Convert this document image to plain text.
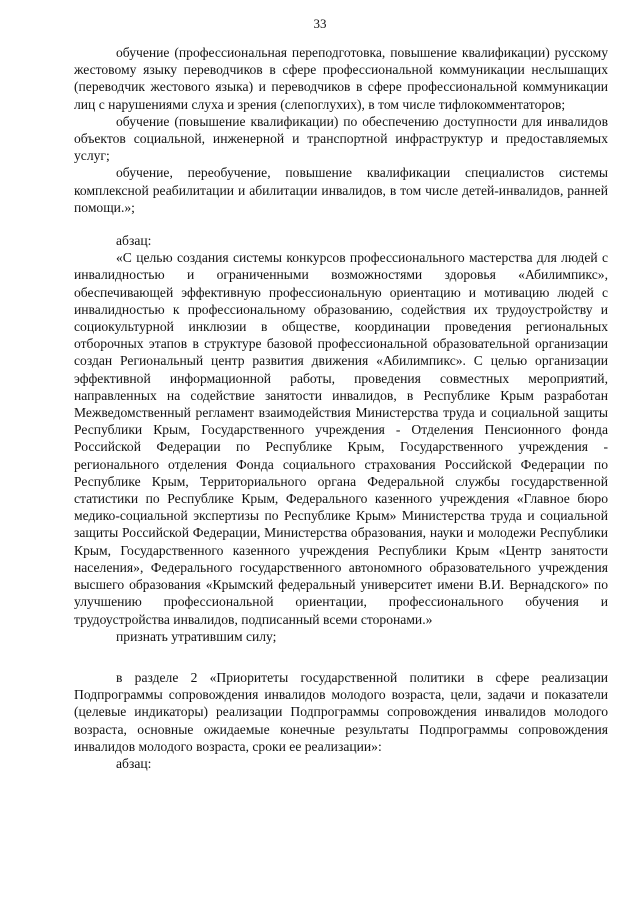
33

обучение (профессиональная переподготовка, повышение квалификации) русскому жестовому языку переводчиков в сфере профессиональной коммуникации неслышащих (переводчик жестового языка) и переводчиков в сфере профессиональной коммуникации лиц с нарушениями слуха и зрения (слепоглухих), в том числе тифлокомментаторов;

обучение (повышение квалификации) по обеспечению доступности для инвалидов объектов социальной, инженерной и транспортной инфраструктур и предоставляемых услуг;

обучение, переобучение, повышение квалификации специалистов системы комплексной реабилитации и абилитации инвалидов, в том числе детей-инвалидов, ранней помощи.»;

абзац:

«С целью создания системы конкурсов профессионального мастерства для людей с инвалидностью и ограниченными возможностями здоровья «Абилимпикс», обеспечивающей эффективную профессиональную ориентацию и мотивацию людей с инвалидностью к профессиональному образованию, содействия их трудоустройству и социокультурной инклюзии в обществе, координации проведения региональных отборочных этапов в структуре базовой профессиональной образовательной организации создан Региональный центр развития движения «Абилимпикс». С целью организации эффективной информационной работы, проведения совместных мероприятий, направленных на содействие занятости инвалидов, в Республике Крым разработан Межведомственный регламент взаимодействия Министерства труда и социальной защиты Республики Крым, Государственного учреждения - Отделения Пенсионного фонда Российской Федерации по Республике Крым, Государственного учреждения - регионального отделения Фонда социального страхования Российской Федерации по Республике Крым, Территориального органа Федеральной службы государственной статистики по Республике Крым, Федерального казенного учреждения «Главное бюро медико-социальной экспертизы по Республике Крым» Министерства труда и социальной защиты Российской Федерации, Министерства образования, науки и молодежи Республики Крым, Государственного казенного учреждения Республики Крым «Центр занятости населения», Федерального государственного автономного образовательного учреждения высшего образования «Крымский федеральный университет имени В.И. Вернадского» по улучшению профессиональной ориентации, профессионального обучения и трудоустройства инвалидов, подписанный всеми сторонами.»

признать утратившим силу;

в разделе 2 «Приоритеты государственной политики в сфере реализации Подпрограммы сопровождения инвалидов молодого возраста, цели, задачи и показатели (целевые индикаторы) реализации Подпрограммы сопровождения инвалидов молодого возраста, основные ожидаемые конечные результаты Подпрограммы сопровождения инвалидов молодого возраста, сроки ее реализации»:

абзац:
